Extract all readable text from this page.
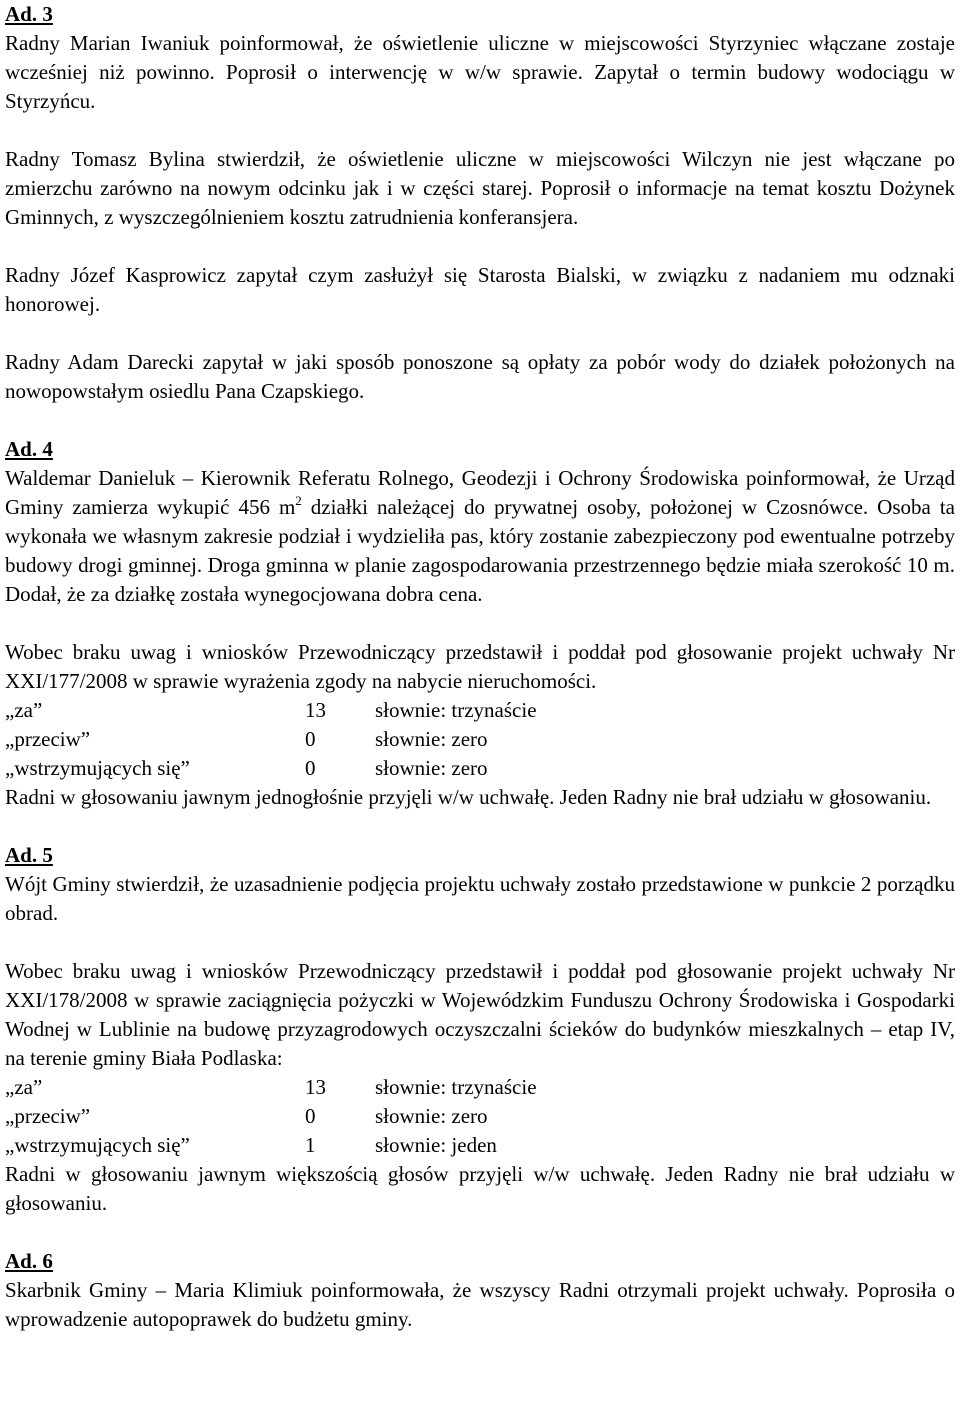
Ad. 3

Radny Marian Iwaniuk poinformował, że oświetlenie uliczne w miejscowości Styrzyniec włączane zostaje wcześniej niż powinno. Poprosił o interwencję w w/w sprawie. Zapytał o termin budowy wodociągu w Styrzyńcu.

Radny Tomasz Bylina stwierdził, że oświetlenie uliczne w miejscowości Wilczyn nie jest włączane po zmierzchu zarówno na nowym odcinku jak i w części starej. Poprosił o informacje na temat kosztu Dożynek Gminnych, z wyszczególnieniem kosztu zatrudnienia konferansjera.

Radny Józef Kasprowicz zapytał czym zasłużył się Starosta Bialski, w związku z nadaniem mu odznaki honorowej.

Radny Adam Darecki zapytał w jaki sposób ponoszone są opłaty za pobór wody do działek położonych na nowopowstałym osiedlu Pana Czapskiego.

Ad. 4

Waldemar Danieluk – Kierownik Referatu Rolnego, Geodezji i Ochrony Środowiska poinformował, że Urząd Gminy zamierza wykupić 456 $m^2$ działki należącej do prywatnej osoby, położonej w Czosnówce. Osoba ta wykonała we własnym zakresie podział i wydzieliła pas, który zostanie zabezpieczony pod ewentualne potrzeby budowy drogi gminnej. Droga gminna w planie zagospodarowania przestrzennego będzie miała szerokość 10 m. Dodał, że za działkę została wynegocjowana dobra cena.

Wobec braku uwag i wniosków Przewodniczący przedstawił i poddał pod głosowanie projekt uchwały Nr XXI/177/2008 w sprawie wyrażenia zgody na nabycie nieruchomości.

„za”	13	słownie: trzynaście
„przeciw”	0	słownie: zero
„wstrzymujących się”	0	słownie: zero

Radni w głosowaniu jawnym jednogłośnie przyjęli w/w uchwałę. Jeden Radny nie brał udziału w głosowaniu.

Ad. 5

Wójt Gminy stwierdził, że uzasadnienie podjęcia projektu uchwały zostało przedstawione w punkcie 2 porządku obrad.

Wobec braku uwag i wniosków Przewodniczący przedstawił i poddał pod głosowanie projekt uchwały Nr XXI/178/2008 w sprawie zaciągnięcia pożyczki w Wojewódzkim Funduszu Ochrony Środowiska i Gospodarki Wodnej w Lublinie na budowę przyzagrodowych oczyszczalni ścieków do budynków mieszkalnych – etap IV, na terenie gminy Biała Podlaska:

„za”	13	słownie: trzynaście
„przeciw”	0	słownie: zero
„wstrzymujących się”	1	słownie: jeden

Radni w głosowaniu jawnym większością głosów przyjęli w/w uchwałę. Jeden Radny nie brał udziału w głosowaniu.

Ad. 6

Skarbnik Gminy – Maria Klimiuk poinformowała, że wszyscy Radni otrzymali projekt uchwały. Poprosiła o wprowadzenie autopoprawek do budżetu gminy.
